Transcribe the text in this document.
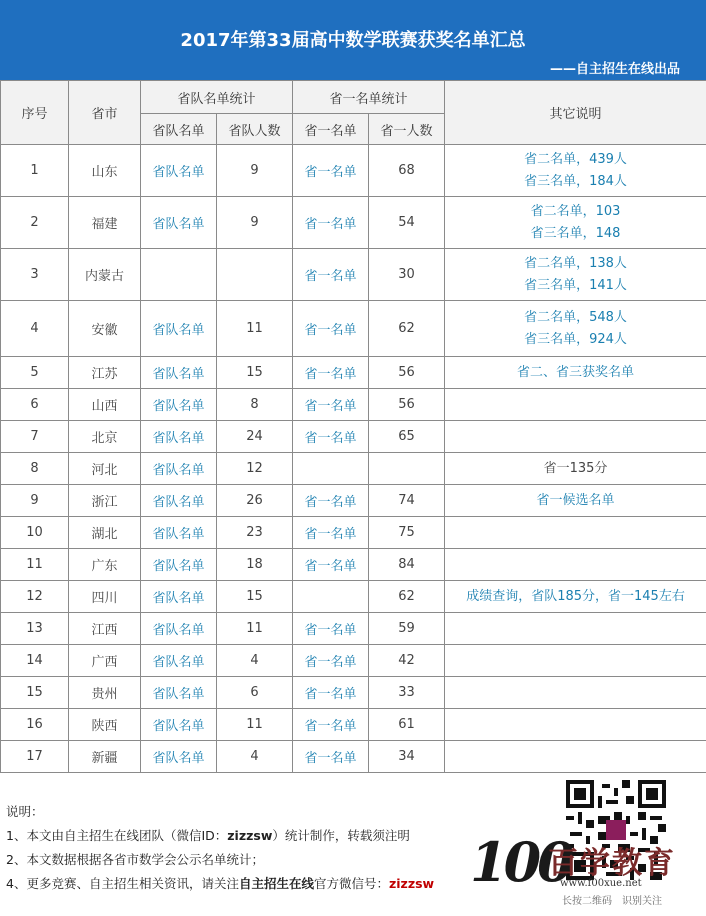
2017年第33届高中数学联赛获奖名单汇总
——自主招生在线出品
序号	省市	省队名单统计		省一名单统计		其它说明
		省队名单	省队人数	省一名单	省一人数	
1	山东	省队名单	9	省一名单	68	省二名单，439人
省三名单，184人

2	福建	省队名单	9	省一名单	54	省二名单，103
省三名单，148

3	内蒙古			省一名单	30	省二名单，138人
省三名单，141人

4	安徽	省队名单	11	省一名单	62	省二名单，548人
省三名单，924人

5	江苏	省队名单	15	省一名单	56	省二、省三获奖名单

6	山西	省队名单	8	省一名单	56	

7	北京	省队名单	24	省一名单	65	

8	河北	省队名单	12			省一135分

9	浙江	省队名单	26	省一名单	74	省一候选名单

10	湖北	省队名单	23	省一名单	75	

11	广东	省队名单	18	省一名单	84	

12	四川	省队名单	15		62	成绩查询，省队185分，省一145左右

13	江西	省队名单	11	省一名单	59	

14	广西	省队名单	4	省一名单	42	

15	贵州	省队名单	6	省一名单	33	

16	陕西	省队名单	11	省一名单	61	

17	新疆	省队名单	4	省一名单	34	
说明：
1、本文由自主招生在线团队（微信ID：zizzsw）统计制作，转载须注明
2、本文数据根据各省市数学会公示名单统计；
4、更多竞赛、自主招生相关资讯，请关注自主招生在线官方微信号：zizzsw 100
百学教育
www.f00xue.net
长按二维码　识别关注
